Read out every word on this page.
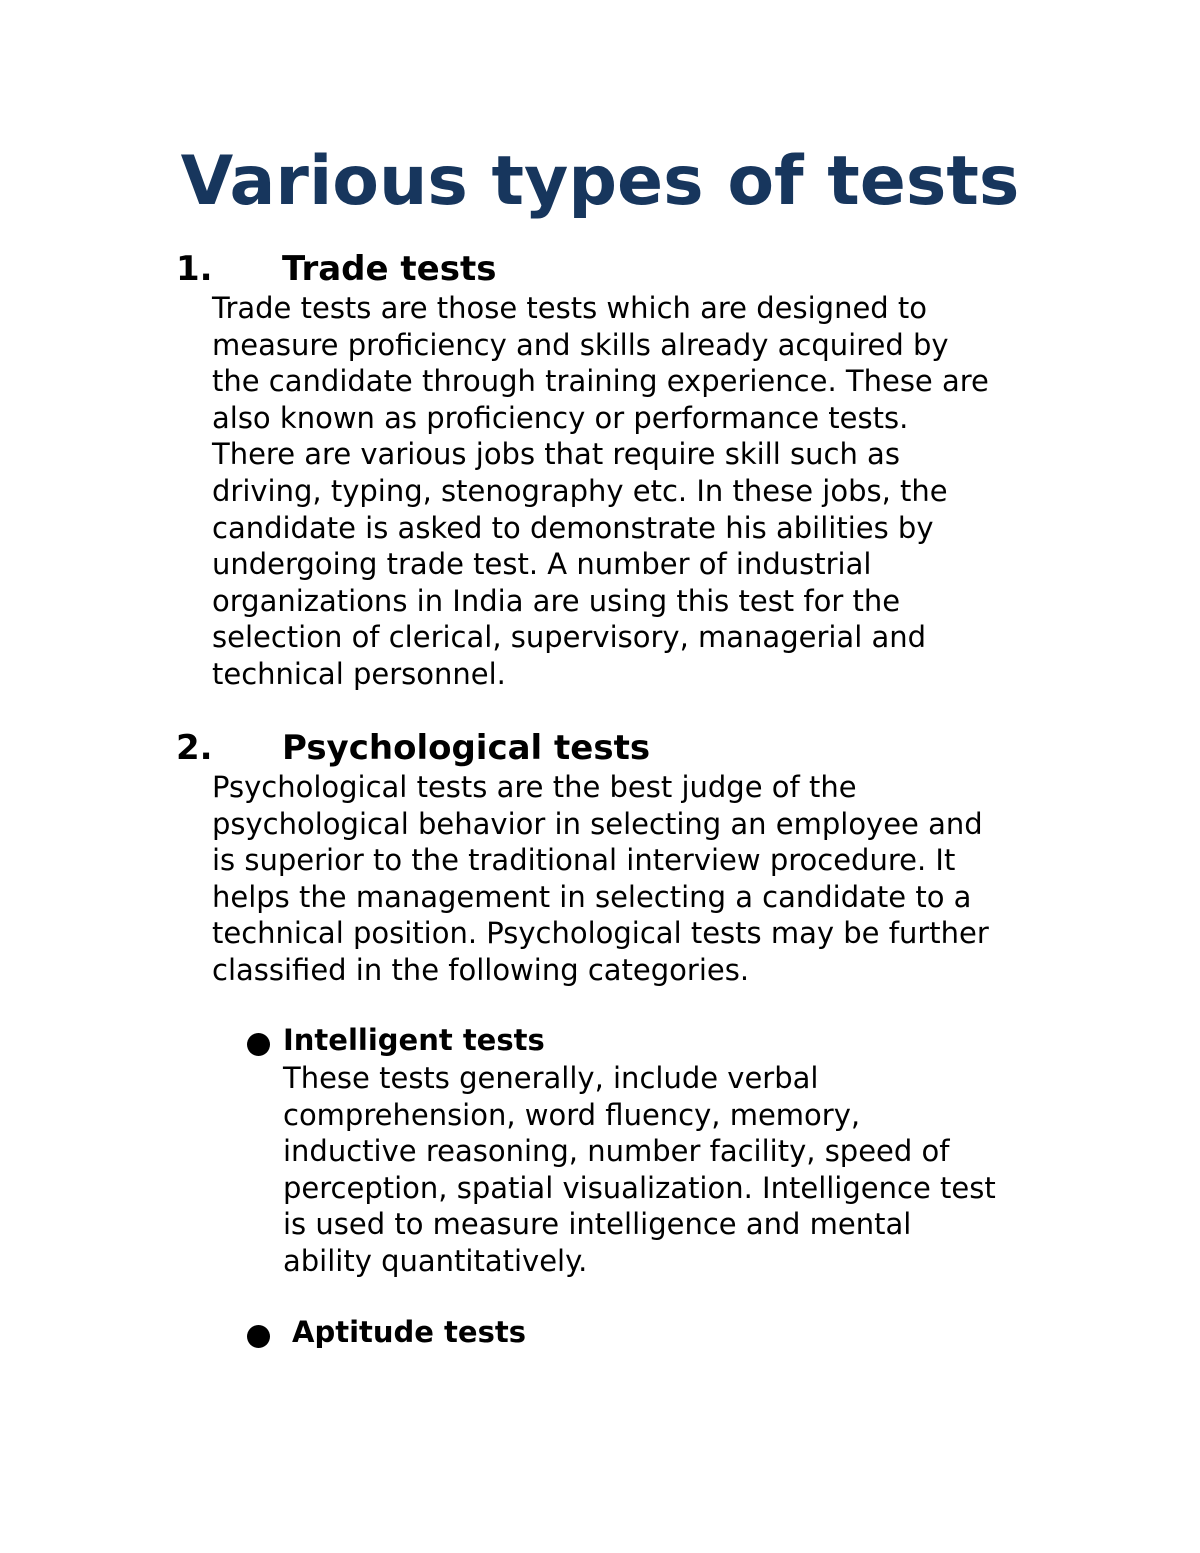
Various types of tests
1. Trade tests
Trade tests are those tests which are designed to
measure proficiency and skills already acquired by
the candidate through training experience. These are
also known as proficiency or performance tests.
There are various jobs that require skill such as
driving, typing, stenography etc. In these jobs, the
candidate is asked to demonstrate his abilities by
undergoing trade test. A number of industrial
organizations in India are using this test for the
selection of clerical, supervisory, managerial and
technical personnel.
2. Psychological tests
Psychological tests are the best judge of the
psychological behavior in selecting an employee and
is superior to the traditional interview procedure. It
helps the management in selecting a candidate to a
technical position. Psychological tests may be further
classified in the following categories.
Intelligent tests
These tests generally, include verbal
comprehension, word fluency, memory,
inductive reasoning, number facility, speed of
perception, spatial visualization. Intelligence test
is used to measure intelligence and mental
ability quantitatively.
Aptitude tests
